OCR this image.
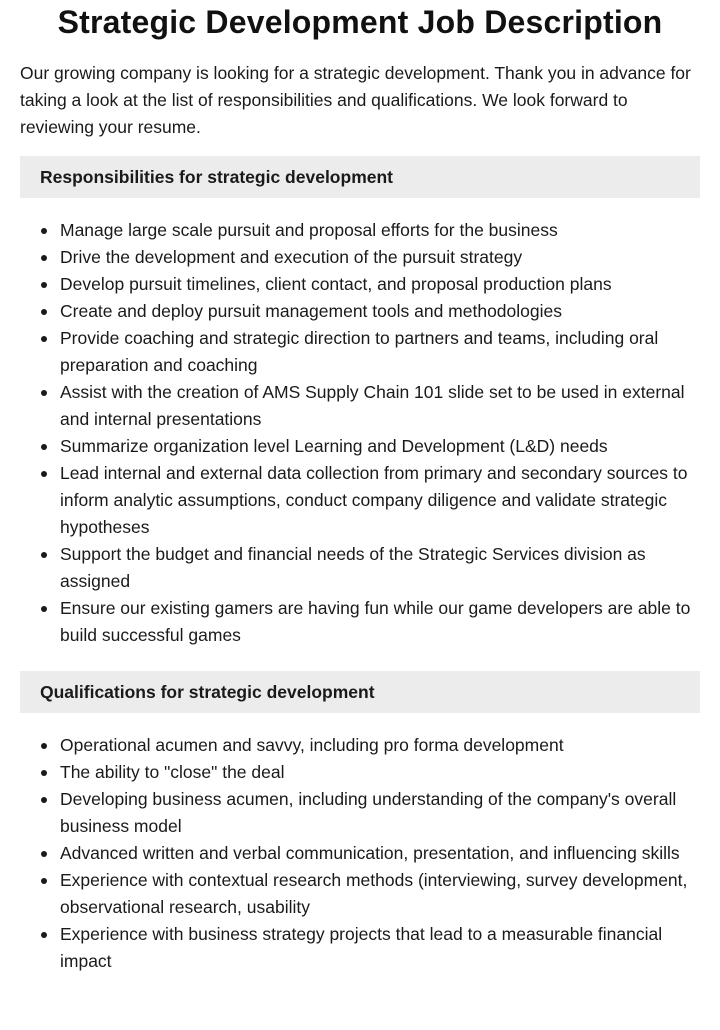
Strategic Development Job Description

Our growing company is looking for a strategic development. Thank you in advance for taking a look at the list of responsibilities and qualifications. We look forward to reviewing your resume.

Responsibilities for strategic development
Manage large scale pursuit and proposal efforts for the business
Drive the development and execution of the pursuit strategy
Develop pursuit timelines, client contact, and proposal production plans
Create and deploy pursuit management tools and methodologies
Provide coaching and strategic direction to partners and teams, including oral preparation and coaching
Assist with the creation of AMS Supply Chain 101 slide set to be used in external and internal presentations
Summarize organization level Learning and Development (L&D) needs
Lead internal and external data collection from primary and secondary sources to inform analytic assumptions, conduct company diligence and validate strategic hypotheses
Support the budget and financial needs of the Strategic Services division as assigned
Ensure our existing gamers are having fun while our game developers are able to build successful games
Qualifications for strategic development
Operational acumen and savvy, including pro forma development
The ability to "close" the deal
Developing business acumen, including understanding of the company's overall business model
Advanced written and verbal communication, presentation, and influencing skills
Experience with contextual research methods (interviewing, survey development, observational research, usability
Experience with business strategy projects that lead to a measurable financial impact
